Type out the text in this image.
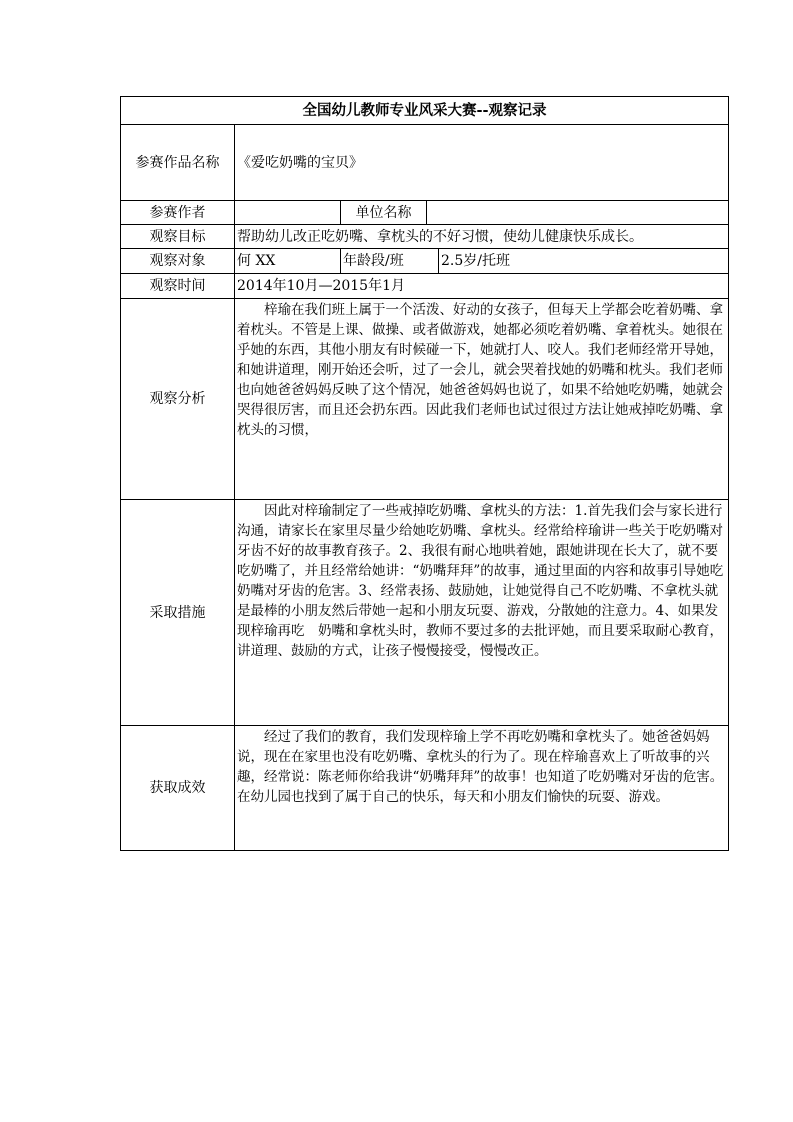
全国幼儿教师专业风采大赛--观察记录				
参赛作品名称	《爱吃奶嘴的宝贝》			
参赛作者		单位名称		
观察目标	帮助幼儿改正吃奶嘴、拿枕头的不好习惯，使幼儿健康快乐成长。			
观察对象	何 XX	年龄段/班		2.5岁/托班
观察时间	2014年10月—2015年1月			
观察分析	梓瑜在我们班上属于一个活泼、好动的女孩子，但每天上学都会吃着奶嘴、拿着枕头。不管是上课、做操、或者做游戏，她都必须吃着奶嘴、拿着枕头。她很在乎她的东西，其他小朋友有时候碰一下，她就打人、咬人。我们老师经常开导她，和她讲道理，刚开始还会听，过了一会儿，就会哭着找她的奶嘴和枕头。我们老师也向她爸爸妈妈反映了这个情况，她爸爸妈妈也说了，如果不给她吃奶嘴，她就会哭得很厉害，而且还会扔东西。因此我们老师也试过很过方法让她戒掉吃奶嘴、拿枕头的习惯，			
采取措施	因此对梓瑜制定了一些戒掉吃奶嘴、拿枕头的方法：1.首先我们会与家长进行沟通，请家长在家里尽量少给她吃奶嘴、拿枕头。经常给梓瑜讲一些关于吃奶嘴对牙齿不好的故事教育孩子。2、我很有耐心地哄着她，跟她讲现在长大了，就不要吃奶嘴了，并且经常给她讲：“奶嘴拜拜”的故事，通过里面的内容和故事引导她吃奶嘴对牙齿的危害。3、经常表扬、鼓励她，让她觉得自己不吃奶嘴、不拿枕头就是最棒的小朋友然后带她一起和小朋友玩耍、游戏，分散她的注意力。4、如果发现梓瑜再吃　奶嘴和拿枕头时，教师不要过多的去批评她，而且要采取耐心教育，讲道理、鼓励的方式，让孩子慢慢接受，慢慢改正。			
获取成效	经过了我们的教育，我们发现梓瑜上学不再吃奶嘴和拿枕头了。她爸爸妈妈说，现在在家里也没有吃奶嘴、拿枕头的行为了。现在梓瑜喜欢上了听故事的兴趣，经常说：陈老师你给我讲“奶嘴拜拜”的故事！也知道了吃奶嘴对牙齿的危害。在幼儿园也找到了属于自己的快乐，每天和小朋友们愉快的玩耍、游戏。			
